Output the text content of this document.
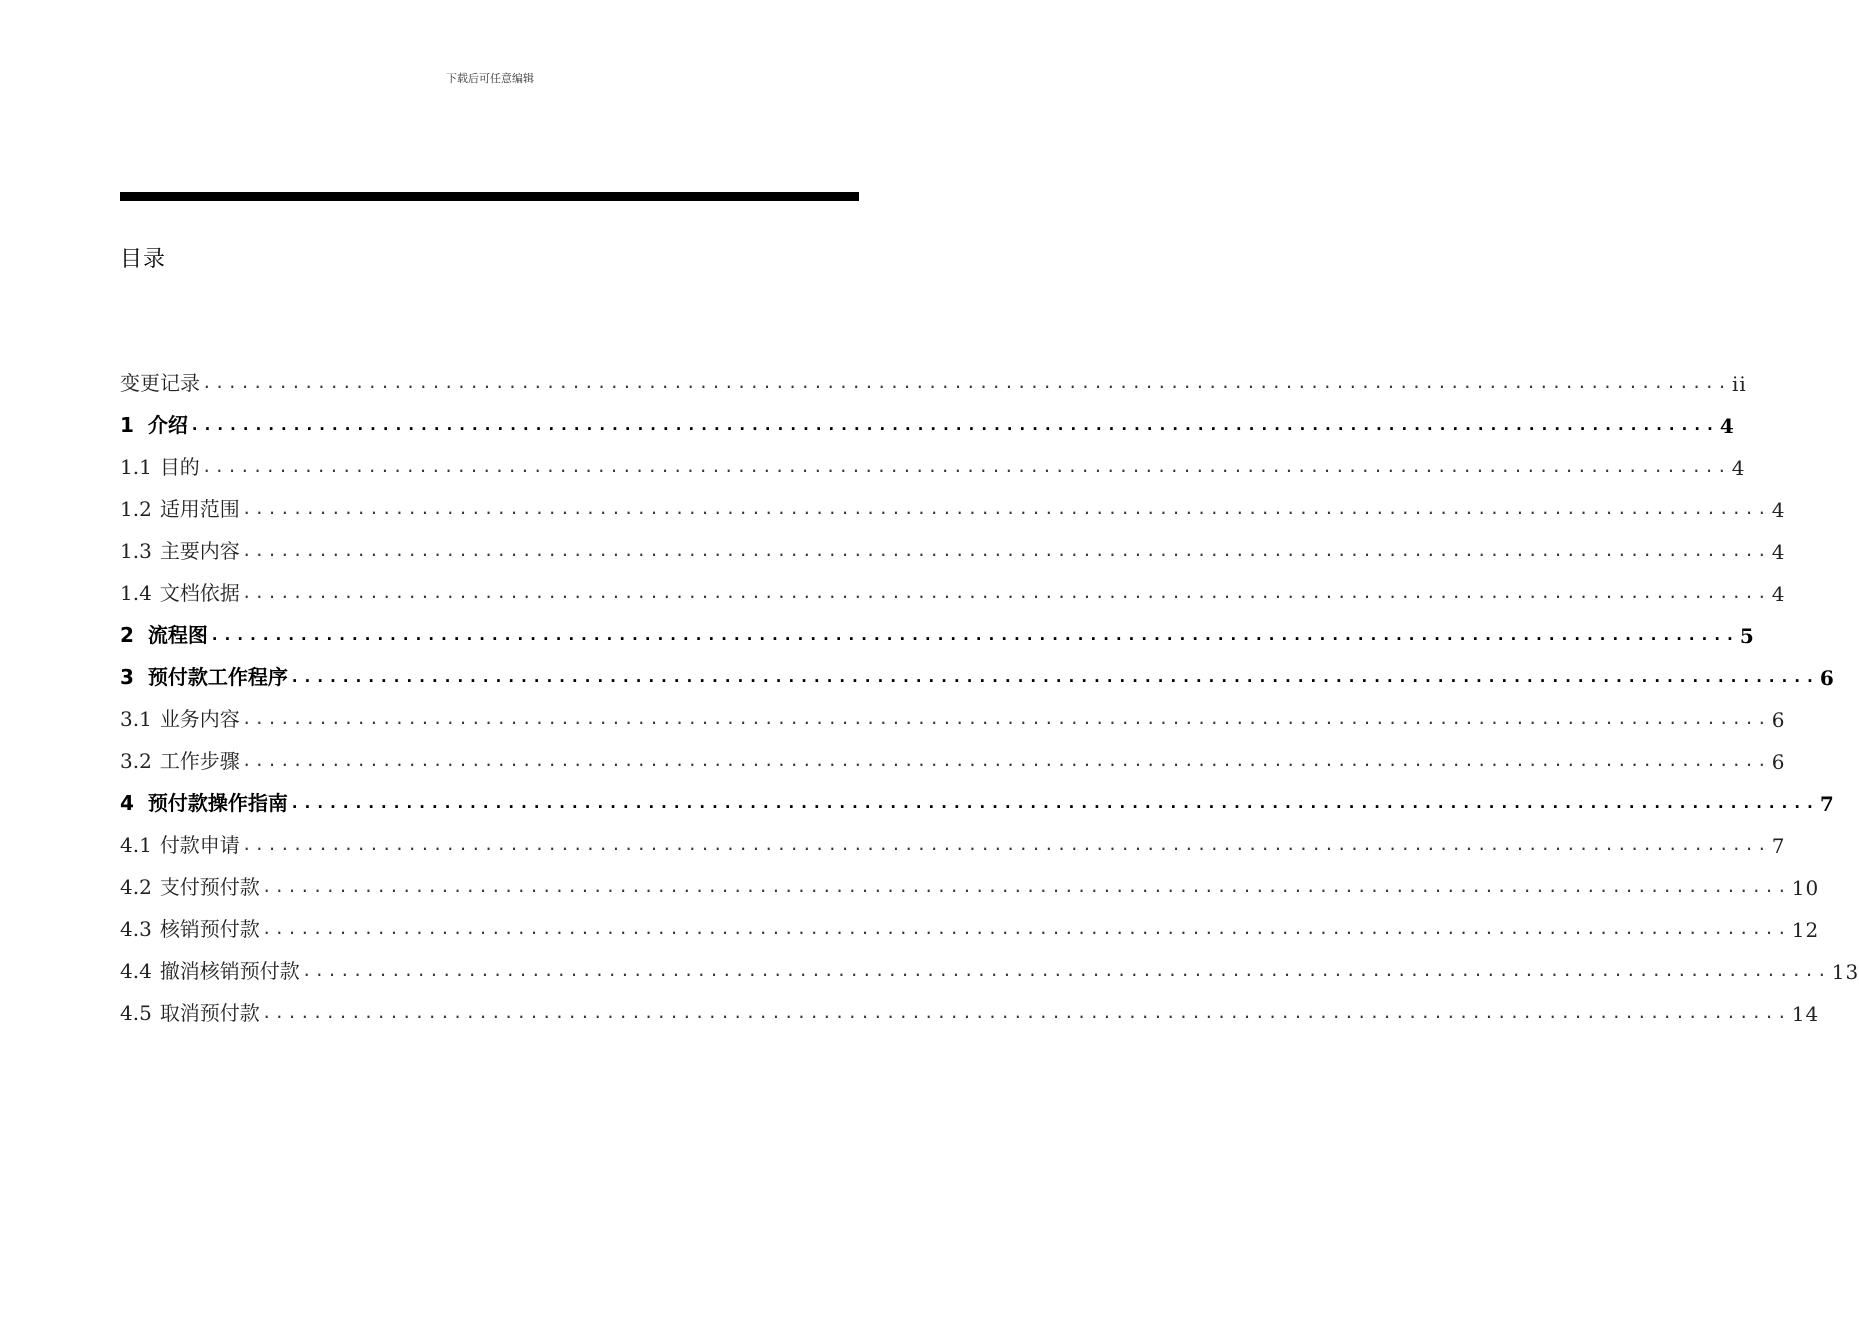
下载后可任意编辑
目录
变更记录 ........................................................................................................................ ii
1 介绍 ........................................................................................................................ 4
1.1 目的 ........................................................................................................................ 4
1.2 适用范围 ........................................................................................................................ 4
1.3 主要内容 ........................................................................................................................ 4
1.4 文档依据 ........................................................................................................................ 4
2 流程图 ........................................................................................................................ 5
3 预付款工作程序 ........................................................................................................................ 6
3.1 业务内容 ........................................................................................................................ 6
3.2 工作步骤 ........................................................................................................................ 6
4 预付款操作指南 ........................................................................................................................ 7
4.1 付款申请 ........................................................................................................................ 7
4.2 支付预付款 ........................................................................................................................ 10
4.3 核销预付款 ........................................................................................................................ 12
4.4 撤消核销预付款 ........................................................................................................................ 13
4.5 取消预付款 ........................................................................................................................ 14
